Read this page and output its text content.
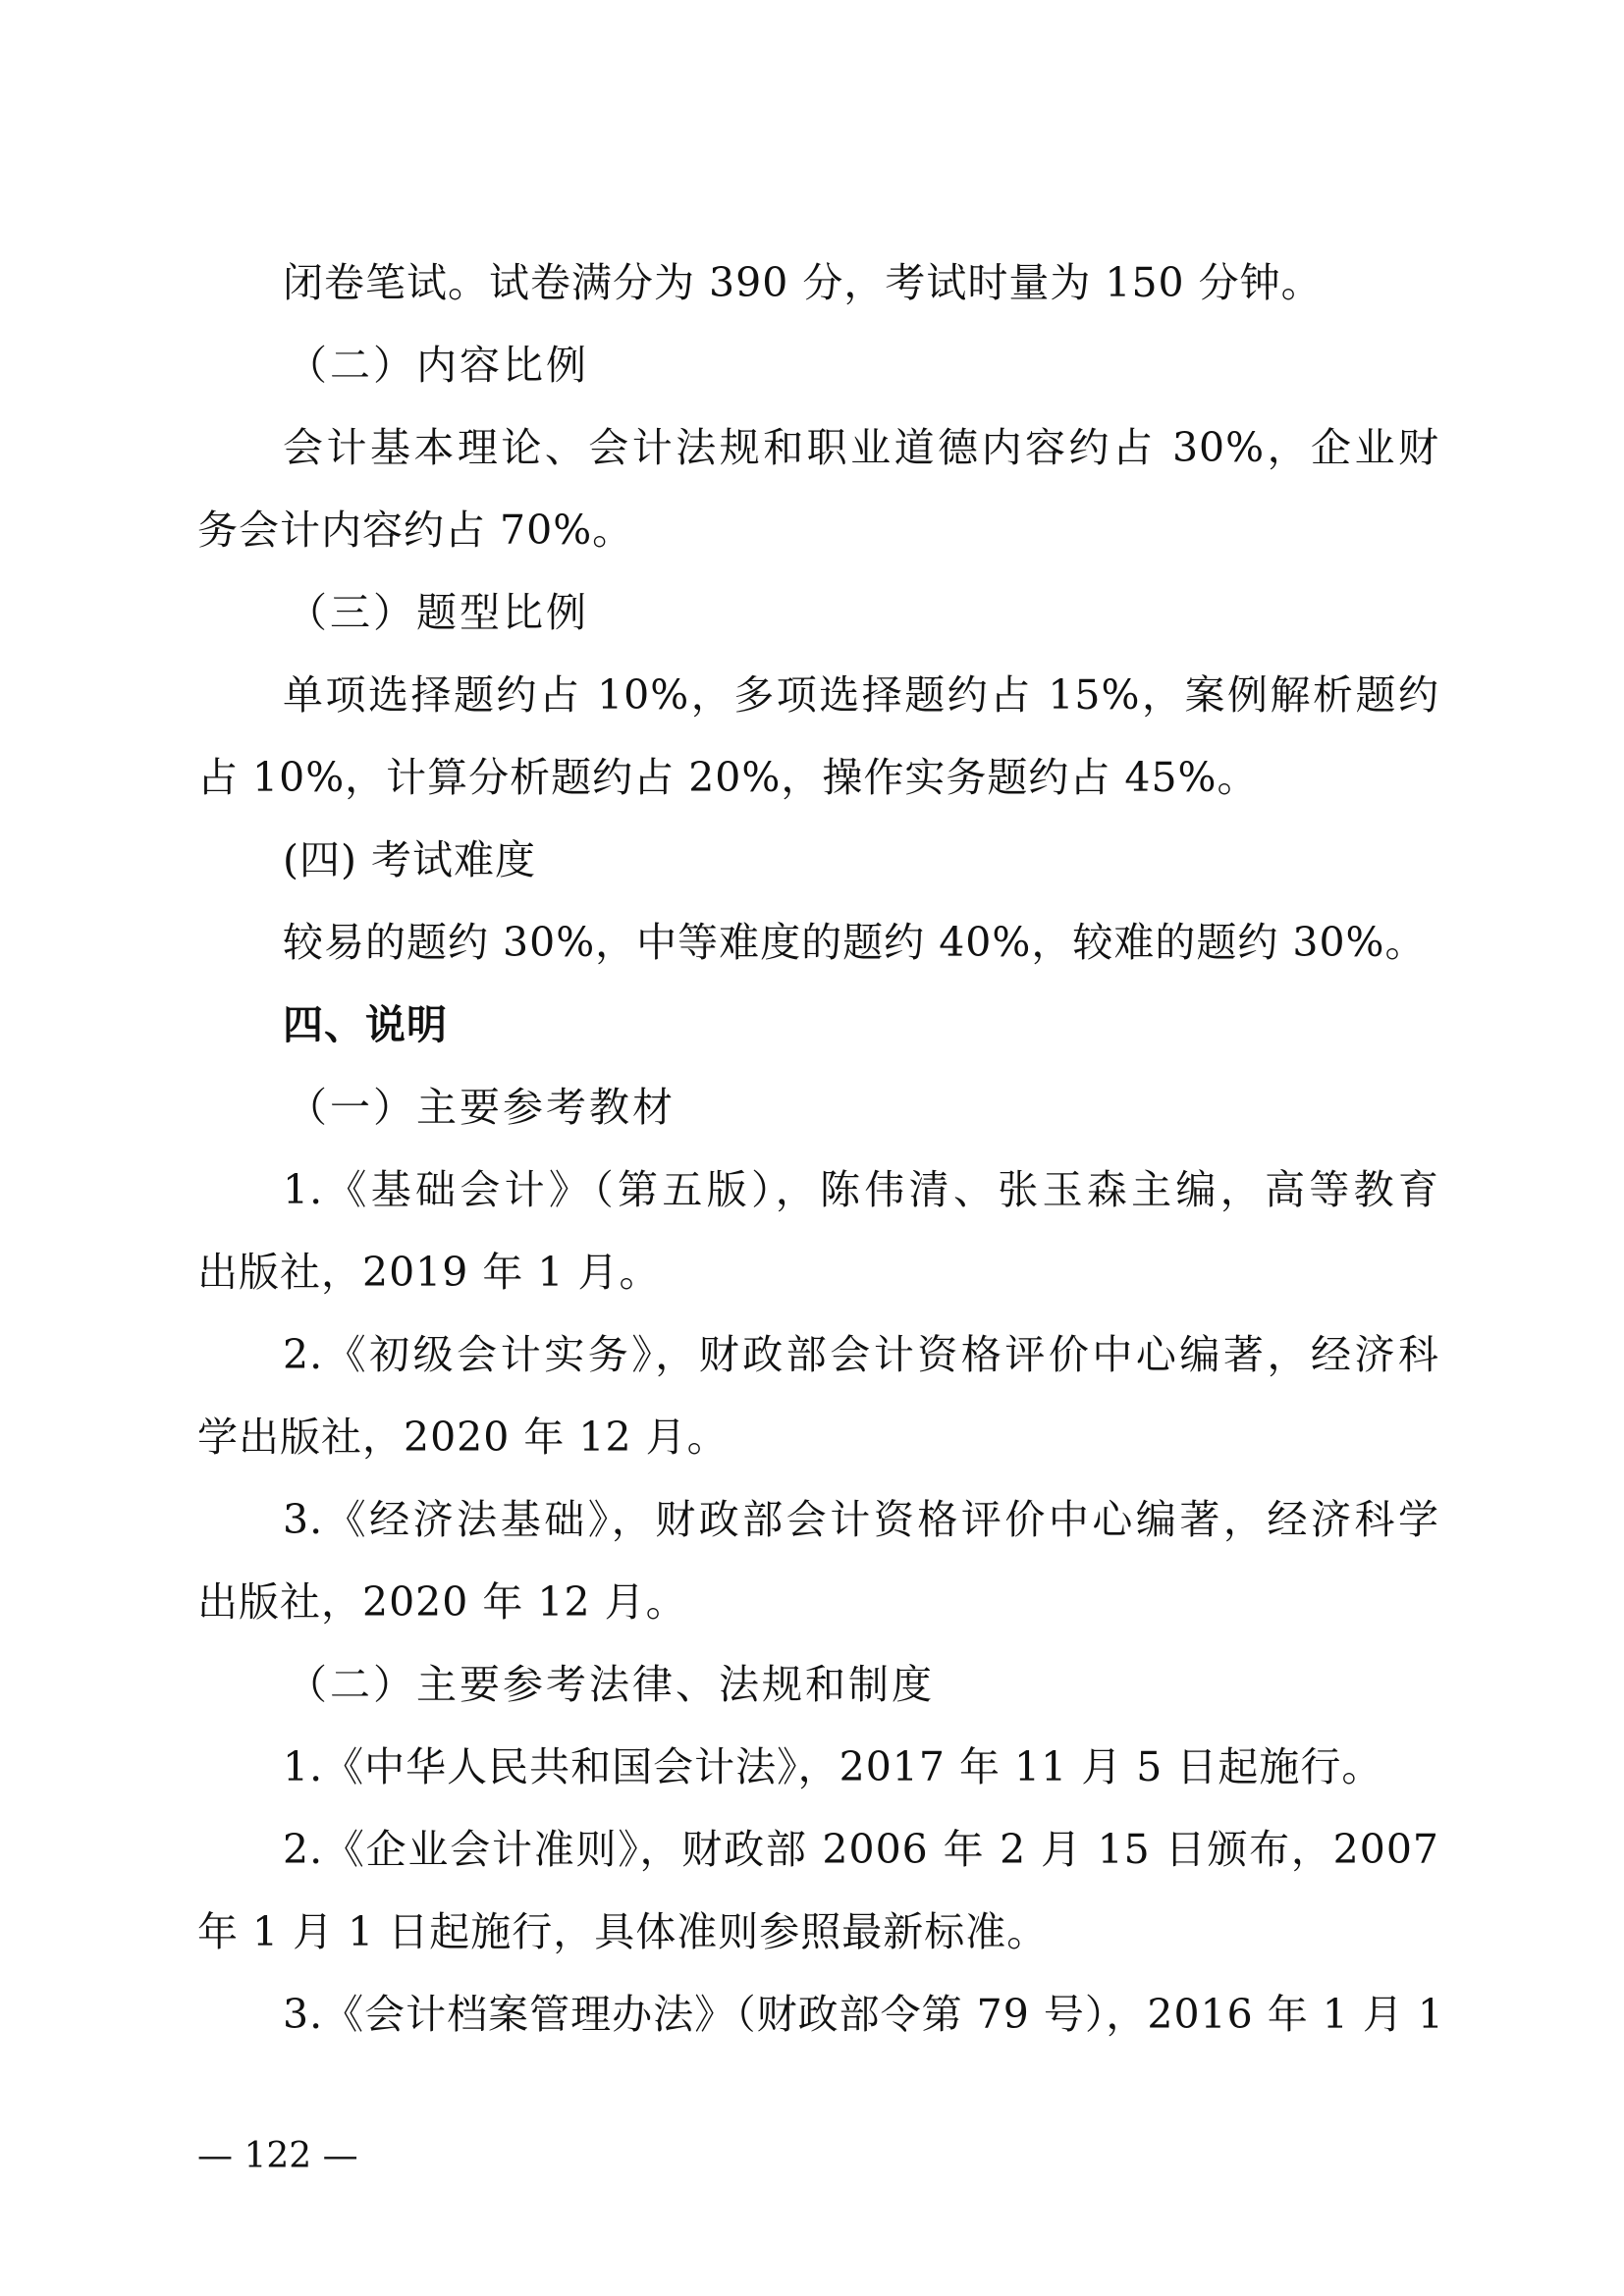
闭卷笔试。试卷满分为 390 分，考试时量为 150 分钟。
（二）内容比例
会计基本理论、会计法规和职业道德内容约占 30%，企业财
务会计内容约占 70%。
（三）题型比例
单项选择题约占 10%，多项选择题约占 15%，案例解析题约
占 10%，计算分析题约占 20%，操作实务题约占 45%。
(四) 考试难度
较易的题约 30%，中等难度的题约 40%，较难的题约 30%。
四、说明
（一）主要参考教材
1.《基础会计》（第五版），陈伟清、张玉森主编，高等教育
出版社，2019 年 1 月。
2.《初级会计实务》，财政部会计资格评价中心编著，经济科
学出版社，2020 年 12 月。
3.《经济法基础》，财政部会计资格评价中心编著，经济科学
出版社，2020 年 12 月。
（二）主要参考法律、法规和制度
1.《中华人民共和国会计法》，2017 年 11 月 5 日起施行。
2.《企业会计准则》，财政部 2006 年 2 月 15 日颁布，2007
年 1 月 1 日起施行，具体准则参照最新标准。
3.《会计档案管理办法》（财政部令第 79 号），2016 年 1 月 1
— 122 —
